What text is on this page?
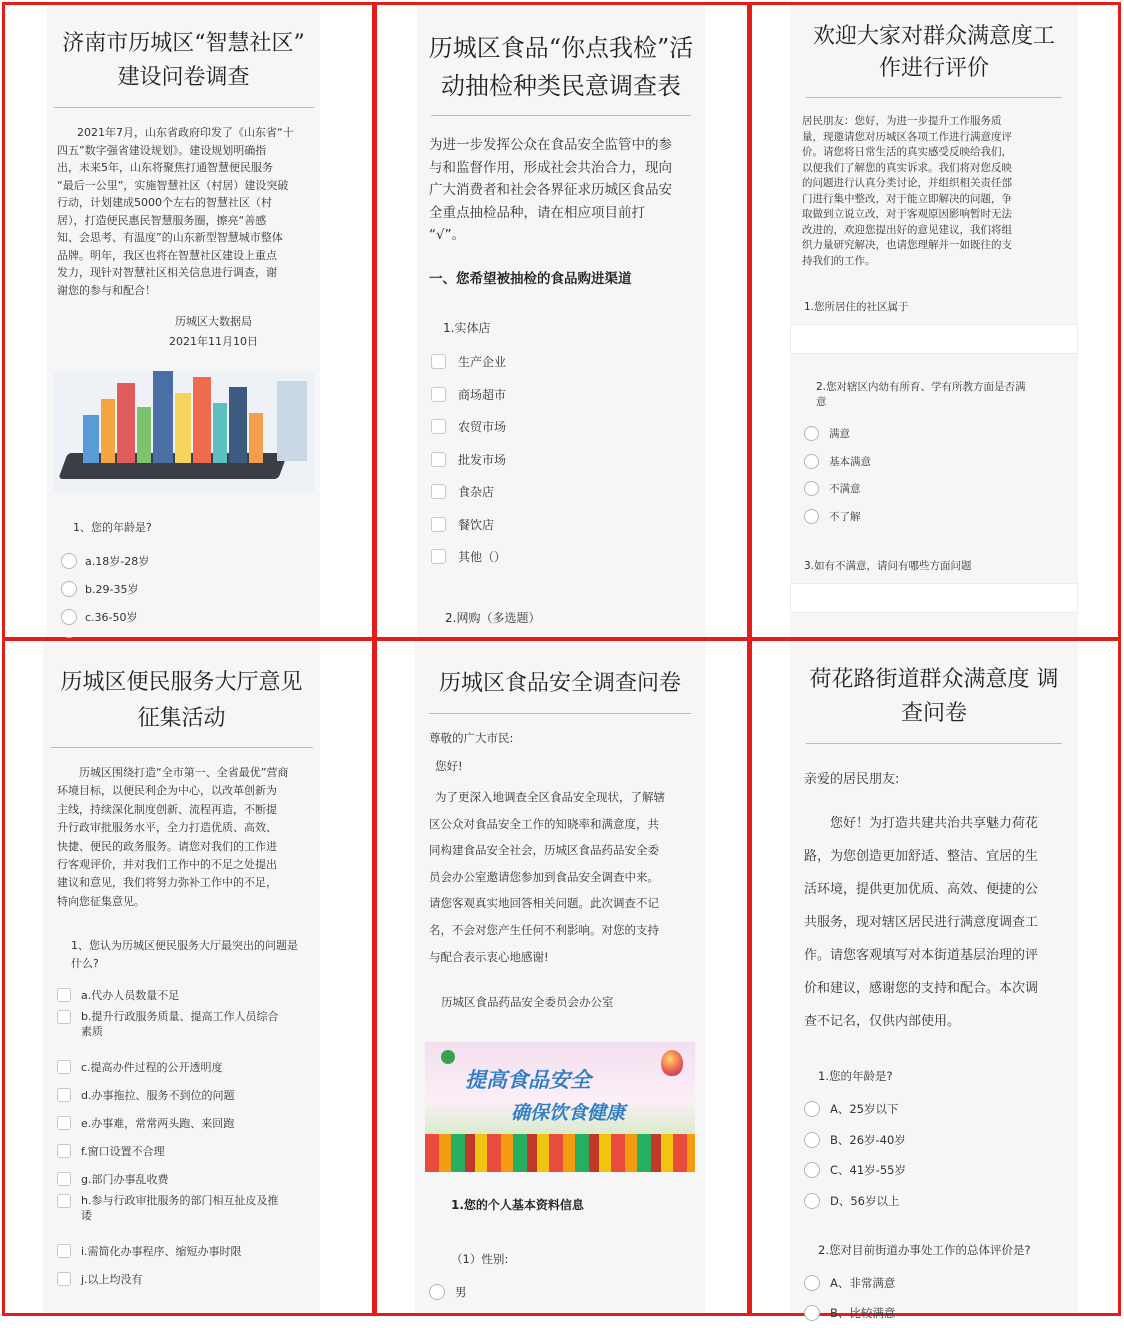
济南市历城区“智慧社区”
建设问卷调查
2021年7月，山东省政府印发了《山东省“十
四五”数字强省建设规划》。建设规划明确指
出，未来5年，山东将聚焦打通智慧便民服务
“最后一公里”，实施智慧社区（村居）建设突破
行动，计划建成5000个左右的智慧社区（村
居），打造便民惠民智慧服务圈，擦亮“善感
知、会思考、有温度”的山东新型智慧城市整体
品牌。明年，我区也将在智慧社区建设上重点
发力，现针对智慧社区相关信息进行调查，谢
谢您的参与和配合！
历城区大数据局
2021年11月10日
1、您的年龄是?
a.18岁-28岁
b.29-35岁
c.36-50岁
历城区食品“你点我检”活
动抽检种类民意调查表
为进一步发挥公众在食品安全监管中的参
与和监督作用，形成社会共治合力，现向
广大消费者和社会各界征求历城区食品安
全重点抽检品种，请在相应项目前打
“√”。
一、您希望被抽检的食品购进渠道
1.实体店
生产企业
商场超市
农贸市场
批发市场
食杂店
餐饮店
其他（）
2.网购（多选题）
欢迎大家对群众满意度工
作进行评价
居民朋友：您好，为进一步提升工作服务质
量，现邀请您对历城区各项工作进行满意度评
价。请您将日常生活的真实感受反映给我们，
以便我们了解您的真实诉求。我们将对您反映
的问题进行认真分类讨论，并组织相关责任部
门进行集中整改，对于能立即解决的问题，争
取做到立说立改，对于客观原因影响暂时无法
改进的，欢迎您提出好的意见建议，我们将组
织力量研究解决，也请您理解并一如既往的支
持我们的工作。
1.您所居住的社区属于
2.您对辖区内幼有所育、学有所教方面是否满
意
满意
基本满意
不满意
不了解
3.如有不满意，请问有哪些方面问题
历城区便民服务大厅意见
征集活动
历城区围绕打造“全市第一、全省最优”营商
环境目标，以便民利企为中心，以改革创新为
主线，持续深化制度创新、流程再造，不断提
升行政审批服务水平，全力打造优质、高效、
快捷、便民的政务服务。请您对我们的工作进
行客观评价，并对我们工作中的不足之处提出
建议和意见，我们将努力弥补工作中的不足，
特向您征集意见。
1、您认为历城区便民服务大厅最突出的问题是
什么?
a.代办人员数量不足
b.提升行政服务质量、提高工作人员综合
素质
c.提高办件过程的公开透明度
d.办事拖拉、服务不到位的问题
e.办事难，常常两头跑、来回跑
f.窗口设置不合理
g.部门办事乱收费
h.参与行政审批服务的部门相互扯皮及推
诿
i.需简化办事程序、缩短办事时限
j.以上均没有
历城区食品安全调查问卷
尊敬的广大市民:
您好!
为了更深入地调查全区食品安全现状，了解辖
区公众对食品安全工作的知晓率和满意度，共
同构建食品安全社会，历城区食品药品安全委
员会办公室邀请您参加到食品安全调查中来。
请您客观真实地回答相关问题。此次调查不记
名，不会对您产生任何不利影响。对您的支持
与配合表示衷心地感谢!
历城区食品药品安全委员会办公室
提高食品安全
确保饮食健康
1.您的个人基本资料信息
（1）性别:
男
荷花路街道群众满意度 调
查问卷
亲爱的居民朋友:
您好！为打造共建共治共享魅力荷花
路，为您创造更加舒适、整洁、宜居的生
活环境，提供更加优质、高效、便捷的公
共服务，现对辖区居民进行满意度调查工
作。请您客观填写对本街道基层治理的评
价和建议，感谢您的支持和配合。本次调
查不记名，仅供内部使用。
1.您的年龄是?
A、25岁以下
B、26岁-40岁
C、41岁-55岁
D、56岁以上
2.您对目前街道办事处工作的总体评价是?
A、非常满意
B、比较满意
